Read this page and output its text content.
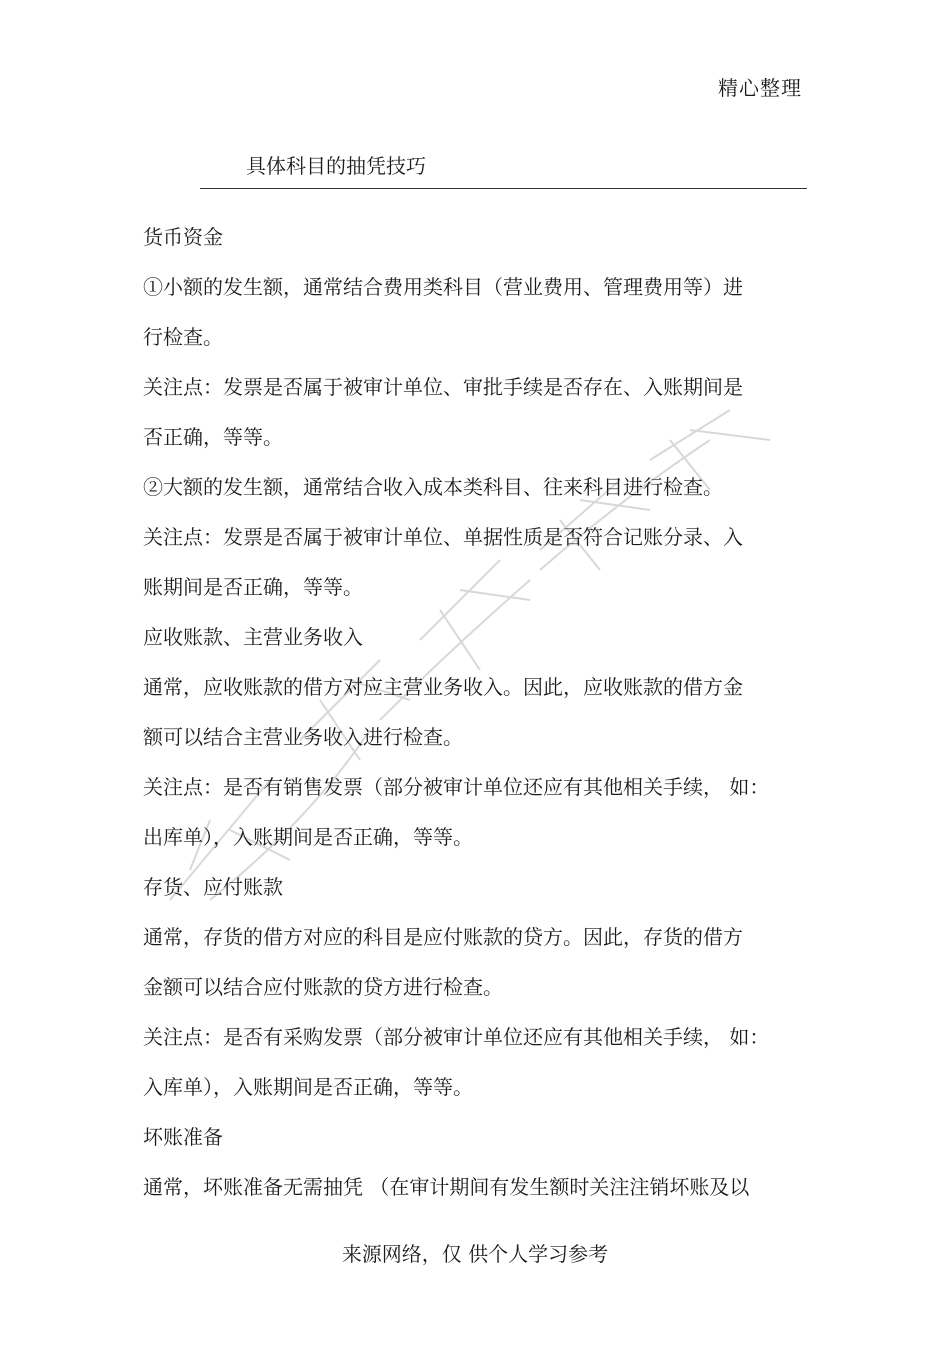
精心整理
具体科目的抽凭技巧
货币资金
①小额的发生额，通常结合费用类科目（营业费用、管理费用等）进
行检查。
关注点：发票是否属于被审计单位、审批手续是否存在、入账期间是
否正确，等等。
②大额的发生额，通常结合收入成本类科目、往来科目进行检查。
关注点：发票是否属于被审计单位、单据性质是否符合记账分录、入
账期间是否正确，等等。
应收账款、主营业务收入
通常，应收账款的借方对应主营业务收入。因此，应收账款的借方金
额可以结合主营业务收入进行检查。
关注点：是否有销售发票（部分被审计单位还应有其他相关手续， 如：
出库单），入账期间是否正确，等等。
存货、应付账款
通常，存货的借方对应的科目是应付账款的贷方。因此，存货的借方
金额可以结合应付账款的贷方进行检查。
关注点：是否有采购发票（部分被审计单位还应有其他相关手续， 如：
入库单），入账期间是否正确，等等。
坏账准备
通常，坏账准备无需抽凭 （在审计期间有发生额时关注注销坏账及以
来源网络，仅 供个人学习参考
